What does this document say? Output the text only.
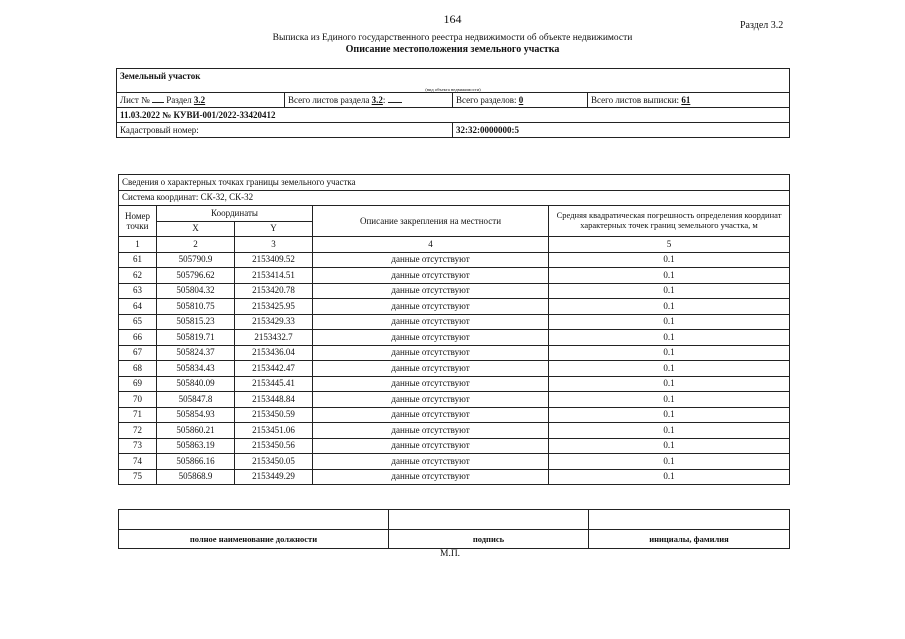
164	Раздел 3.2
Выписка из Единого государственного реестра недвижимости об объекте недвижимости
Описание местоположения земельного участка
Земельный участок			
(вид объекта недвижимости)			
Лист № Раздел 3.2	Всего листов раздела 3.2:	Всего разделов: 0	Всего листов выписки: 61
11.03.2022 № КУВИ-001/2022-33420412			
Кадастровый номер:		32:32:0000000:5	
Сведения о характерных точках границы земельного участка				
Система координат: СК-32, СК-32				
Номер точки	Координаты		Описание закрепления на местности	Средняя квадратическая погрешность определения координат характерных точек границ земельного участка, м
	X	Y		
1	2	3	4	5
61	505790.9	2153409.52	данные отсутствуют	0.1
62	505796.62	2153414.51	данные отсутствуют	0.1
63	505804.32	2153420.78	данные отсутствуют	0.1
64	505810.75	2153425.95	данные отсутствуют	0.1
65	505815.23	2153429.33	данные отсутствуют	0.1
66	505819.71	2153432.7	данные отсутствуют	0.1
67	505824.37	2153436.04	данные отсутствуют	0.1
68	505834.43	2153442.47	данные отсутствуют	0.1
69	505840.09	2153445.41	данные отсутствуют	0.1
70	505847.8	2153448.84	данные отсутствуют	0.1
71	505854.93	2153450.59	данные отсутствуют	0.1
72	505860.21	2153451.06	данные отсутствуют	0.1
73	505863.19	2153450.56	данные отсутствуют	0.1
74	505866.16	2153450.05	данные отсутствуют	0.1
75	505868.9	2153449.29	данные отсутствуют	0.1

полное наименование должности	подпись	инициалы, фамилия
М.П.
